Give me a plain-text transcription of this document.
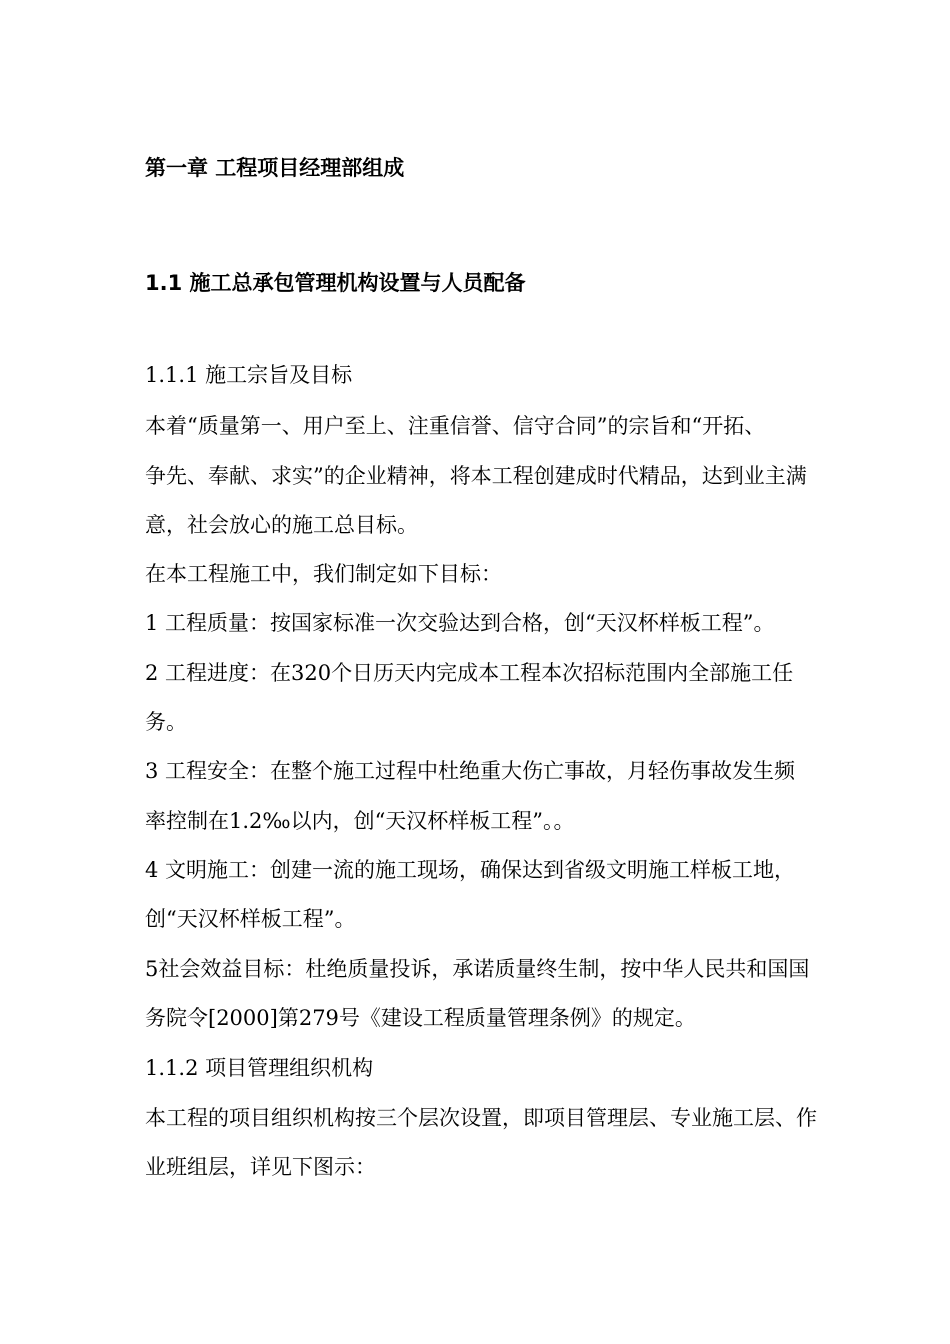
第一章 工程项目经理部组成
1.1 施工总承包管理机构设置与人员配备
1.1.1 施工宗旨及目标
本着“质量第一、用户至上、注重信誉、信守合同”的宗旨和“开拓、
争先、奉献、求实”的企业精神，将本工程创建成时代精品，达到业主满
意，社会放心的施工总目标。
在本工程施工中，我们制定如下目标：
1 工程质量：按国家标准一次交验达到合格，创“天汉杯样板工程”。
2 工程进度：在320个日历天内完成本工程本次招标范围内全部施工任
务。
3 工程安全：在整个施工过程中杜绝重大伤亡事故，月轻伤事故发生频
率控制在1.2‰以内，创“天汉杯样板工程”。。
4 文明施工：创建一流的施工现场，确保达到省级文明施工样板工地，
创“天汉杯样板工程”。
5社会效益目标：杜绝质量投诉，承诺质量终生制，按中华人民共和国国
务院令[2000]第279号《建设工程质量管理条例》的规定。
1.1.2 项目管理组织机构
本工程的项目组织机构按三个层次设置，即项目管理层、专业施工层、作
业班组层，详见下图示：
